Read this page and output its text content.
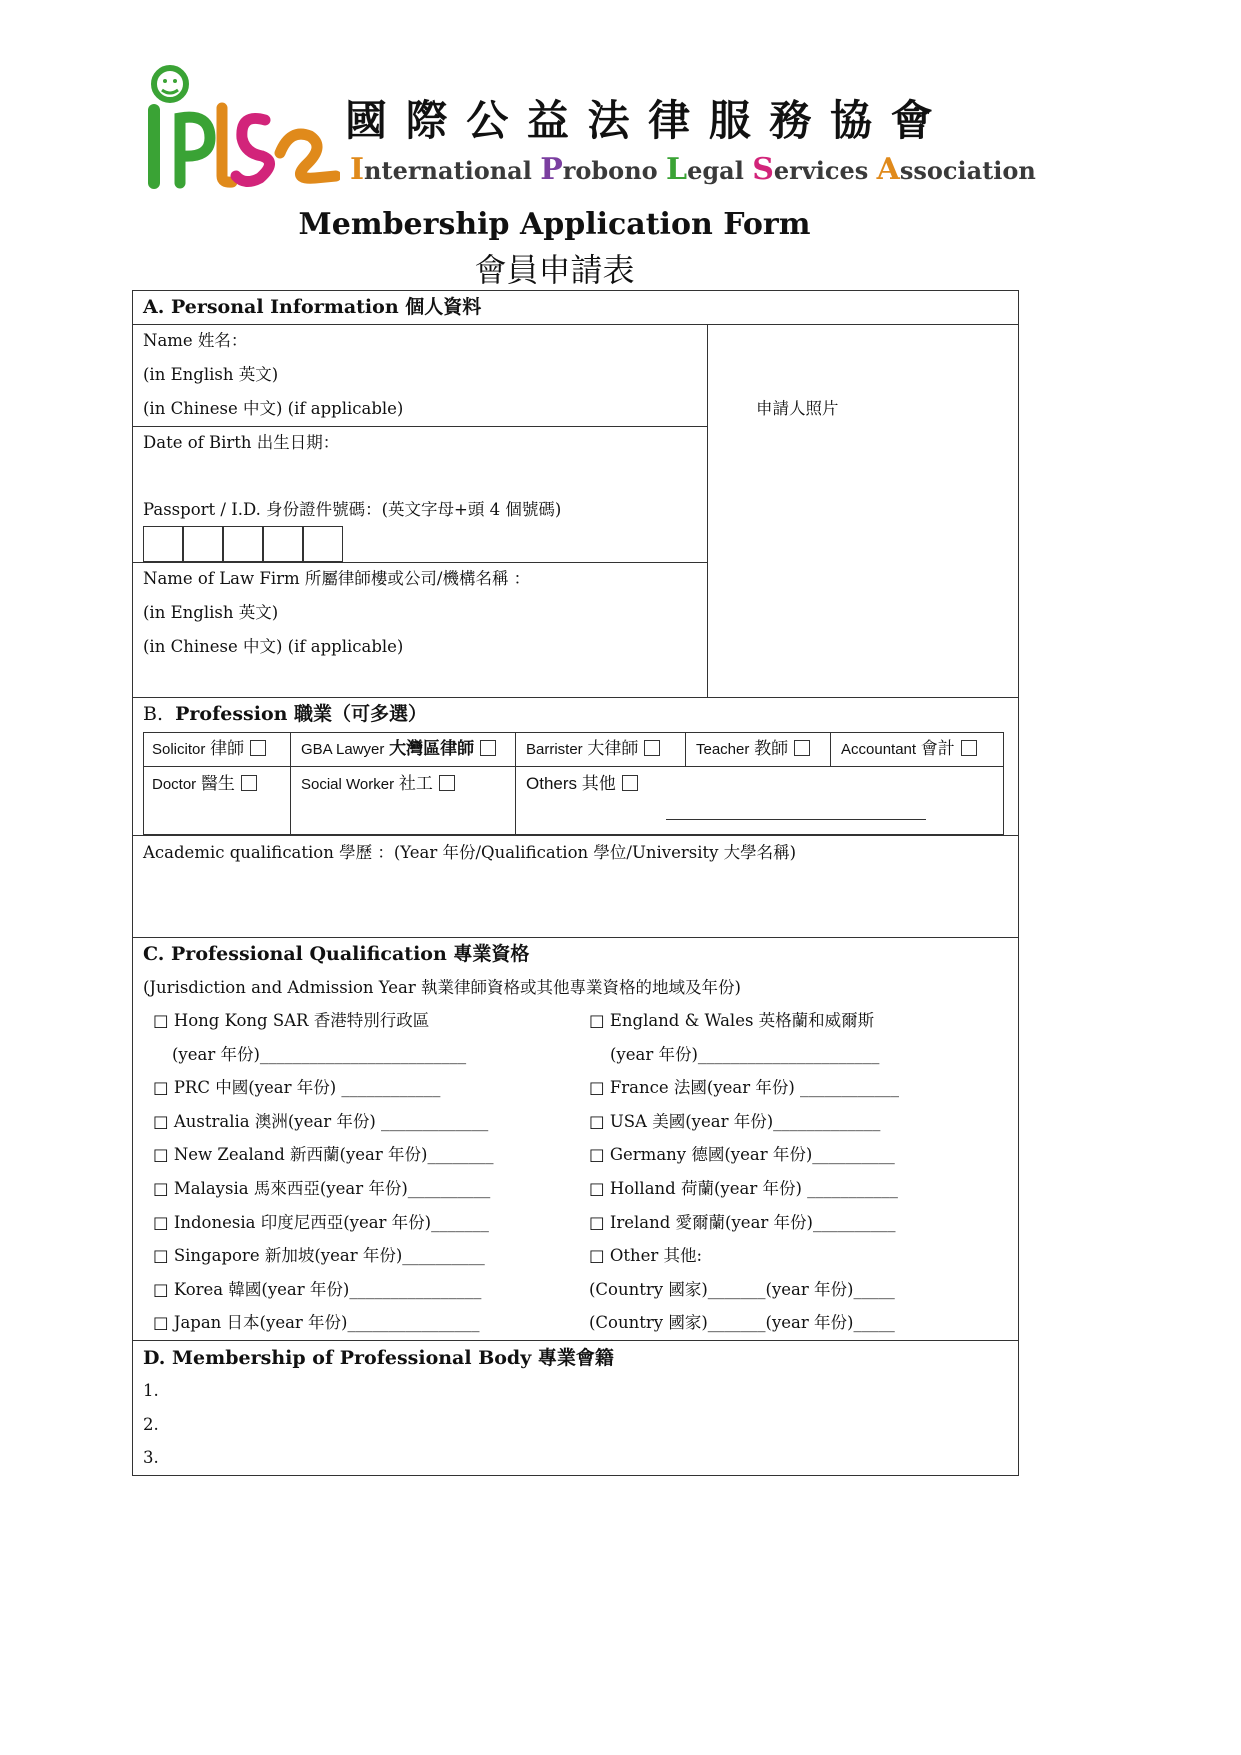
IPLSA
國 際 公 益 法 律 服 務 協 會
International Probono Legal Services Association
Membership Application Form
會員申請表
A. Personal Information 個人資料
Name 姓名：
(in English 英文)
(in Chinese 中文) (if applicable)	申請人照片
Date of Birth 出生日期：
Passport / I.D. 身份證件號碼：(英文字母+頭 4 個號碼)
Name of Law Firm 所屬律師樓或公司/機構名稱 ：
(in English 英文)
(in Chinese 中文) (if applicable)
B. Profession 職業（可多選）
Solicitor 律師	GBA Lawyer 大灣區律師	Barrister 大律師	Teacher 教師	Accountant 會計
Doctor 醫生	Social Worker 社工	Others 其他
Academic qualification 學歷 ：(Year 年份/Qualification 學位/University 大學名稱)
C. Professional Qualification 專業資格
(Jurisdiction and Admission Year 執業律師資格或其他專業資格的地域及年份)
□ Hong Kong SAR 香港特別行政區
(year 年份)_________________________
□ PRC 中國(year 年份) ____________
□ Australia 澳洲(year 年份) _____________
□ New Zealand 新西蘭(year 年份)________
□ Malaysia 馬來西亞(year 年份)__________
□ Indonesia 印度尼西亞(year 年份)_______
□ Singapore 新加坡(year 年份)__________
□ Korea 韓國(year 年份)________________
□ Japan 日本(year 年份)________________
□ England & Wales 英格蘭和威爾斯
(year 年份)______________________
□ France 法國(year 年份) ____________
□ USA 美國(year 年份)_____________
□ Germany 德國(year 年份)__________
□ Holland 荷蘭(year 年份) ___________
□ Ireland 愛爾蘭(year 年份)__________
□ Other 其他:
(Country 國家)_______(year 年份)_____
(Country 國家)_______(year 年份)_____
D. Membership of Professional Body 專業會籍
1.
2.
3.
